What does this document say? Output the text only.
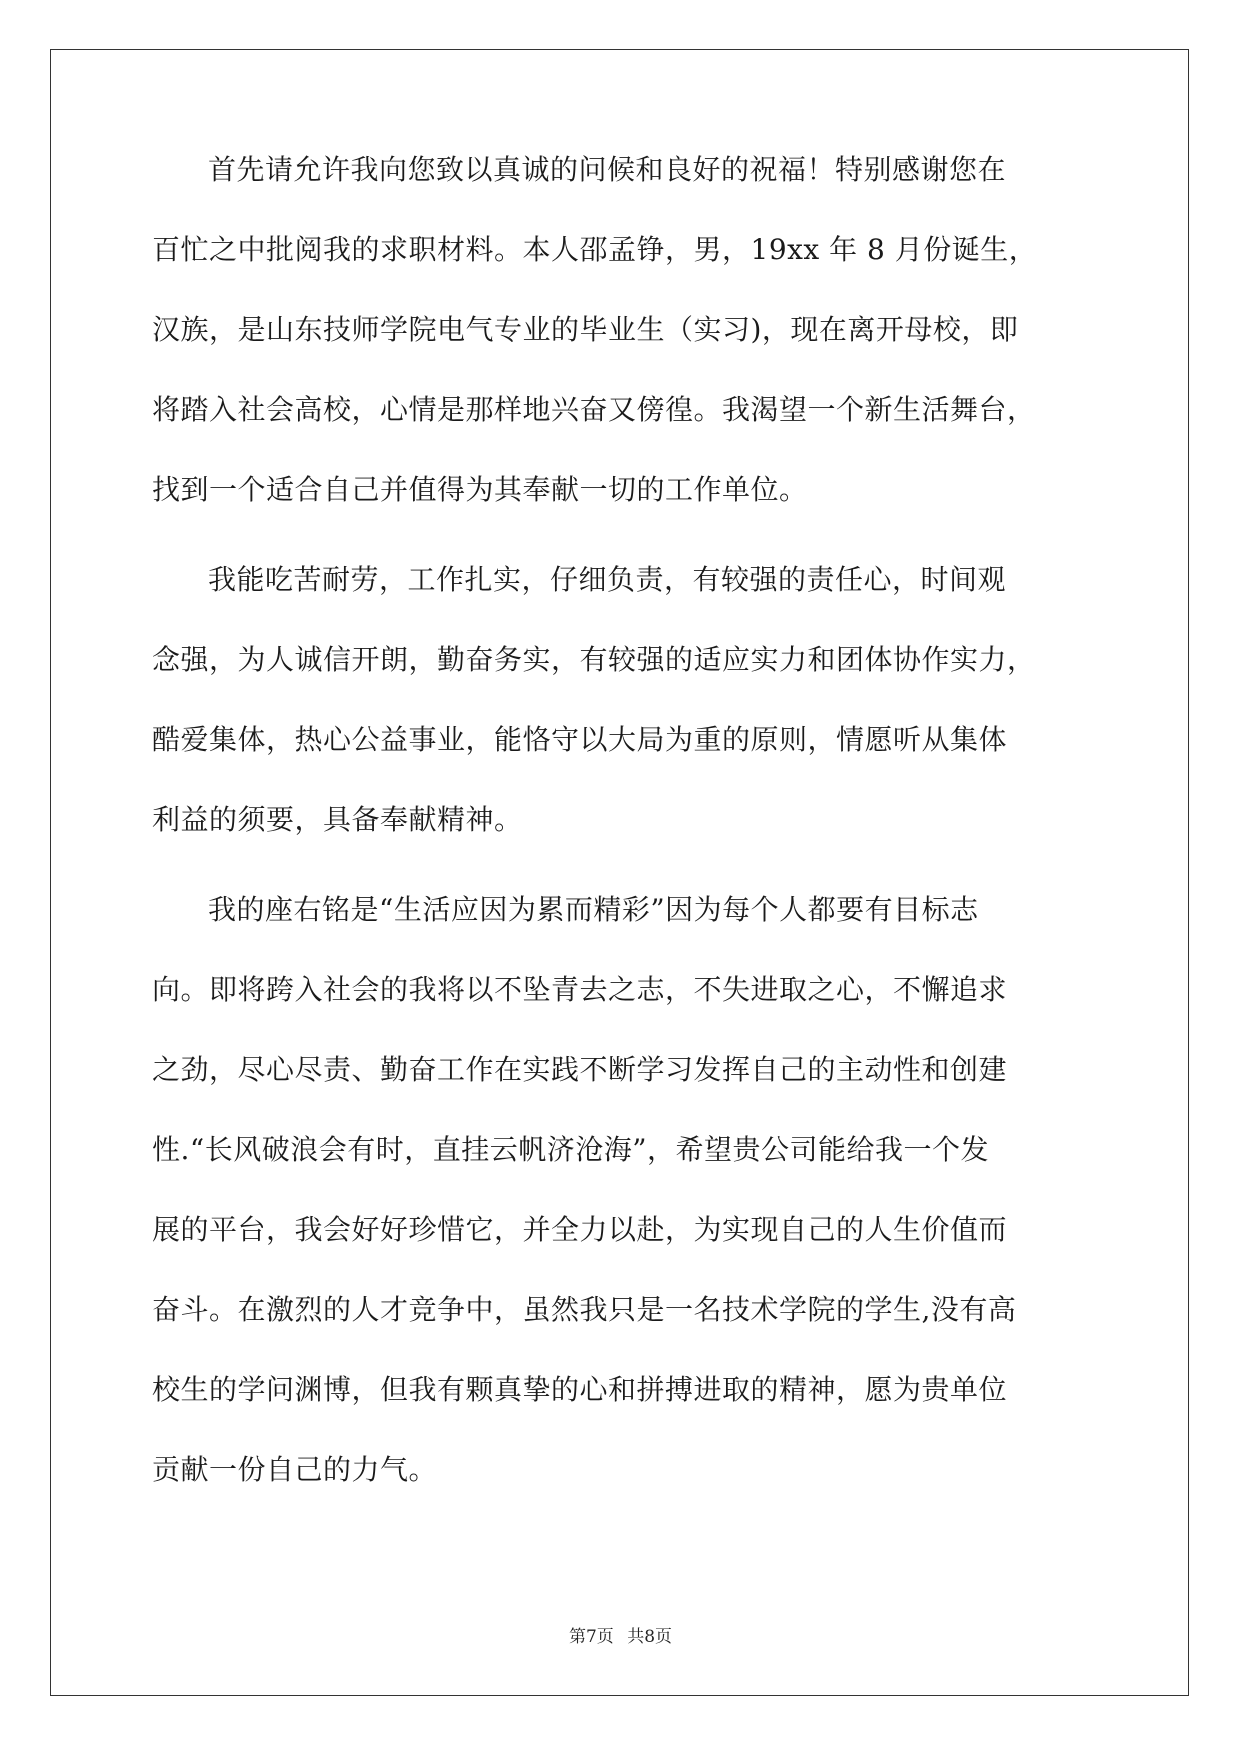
首先请允许我向您致以真诚的问候和良好的祝福！特别感谢您在
百忙之中批阅我的求职材料。本人邵孟铮，男，19xx 年 8 月份诞生，
汉族，是山东技师学院电气专业的毕业生（实习)，现在离开母校，即
将踏入社会高校，心情是那样地兴奋又傍徨。我渴望一个新生活舞台，
找到一个适合自己并值得为其奉献一切的工作单位。
我能吃苦耐劳，工作扎实，仔细负责，有较强的责任心，时间观
念强，为人诚信开朗，勤奋务实，有较强的适应实力和团体协作实力，
酷爱集体，热心公益事业，能恪守以大局为重的原则，情愿听从集体
利益的须要，具备奉献精神。
我的座右铭是“生活应因为累而精彩”因为每个人都要有目标志
向。即将跨入社会的我将以不坠青去之志，不失进取之心，不懈追求
之劲，尽心尽责、勤奋工作在实践不断学习发挥自己的主动性和创建
性.“长风破浪会有时，直挂云帆济沧海”，希望贵公司能给我一个发
展的平台，我会好好珍惜它，并全力以赴，为实现自己的人生价值而
奋斗。在激烈的人才竞争中，虽然我只是一名技术学院的学生,没有高
校生的学问渊博，但我有颗真挚的心和拼搏进取的精神，愿为贵单位
贡献一份自己的力气。
第7页 共8页
